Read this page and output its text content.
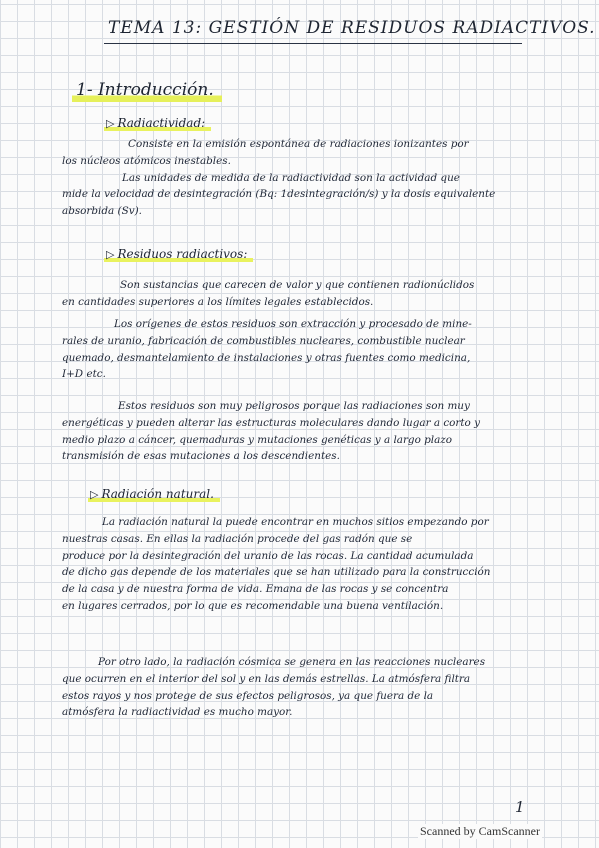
TEMA 13: GESTIÓN DE RESIDUOS RADIACTIVOS.
1- Introducción.
▷ Radiactividad:
Consiste en la emisión espontánea de radiaciones ionizantes por
los núcleos atómicos inestables.
Las unidades de medida de la radiactividad son la actividad que
mide la velocidad de desintegración (Bq: 1desintegración/s) y la dosis equivalente
absorbida (Sv).
▷ Residuos radiactivos:
Son sustancias que carecen de valor y que contienen radionúclidos
en cantidades superiores a los límites legales establecidos.
Los orígenes de estos residuos son extracción y procesado de mine-
rales de uranio, fabricación de combustibles nucleares, combustible nuclear
quemado, desmantelamiento de instalaciones y otras fuentes como medicina,
I+D etc.
Estos residuos son muy peligrosos porque las radiaciones son muy
energéticas y pueden alterar las estructuras moleculares dando lugar a corto y
medio plazo a cáncer, quemaduras y mutaciones genéticas y a largo plazo
transmisión de esas mutaciones a los descendientes.
▷ Radiación natural.
La radiación natural la puede encontrar en muchos sitios empezando por
nuestras casas. En ellas la radiación procede del gas radón que se
produce por la desintegración del uranio de las rocas. La cantidad acumulada
de dicho gas depende de los materiales que se han utilizado para la construcción
de la casa y de nuestra forma de vida. Emana de las rocas y se concentra
en lugares cerrados, por lo que es recomendable una buena ventilación.
Por otro lado, la radiación cósmica se genera en las reacciones nucleares
que ocurren en el interior del sol y en las demás estrellas. La atmósfera filtra
estos rayos y nos protege de sus efectos peligrosos, ya que fuera de la
atmósfera la radiactividad es mucho mayor.
1
Scanned by CamScanner
